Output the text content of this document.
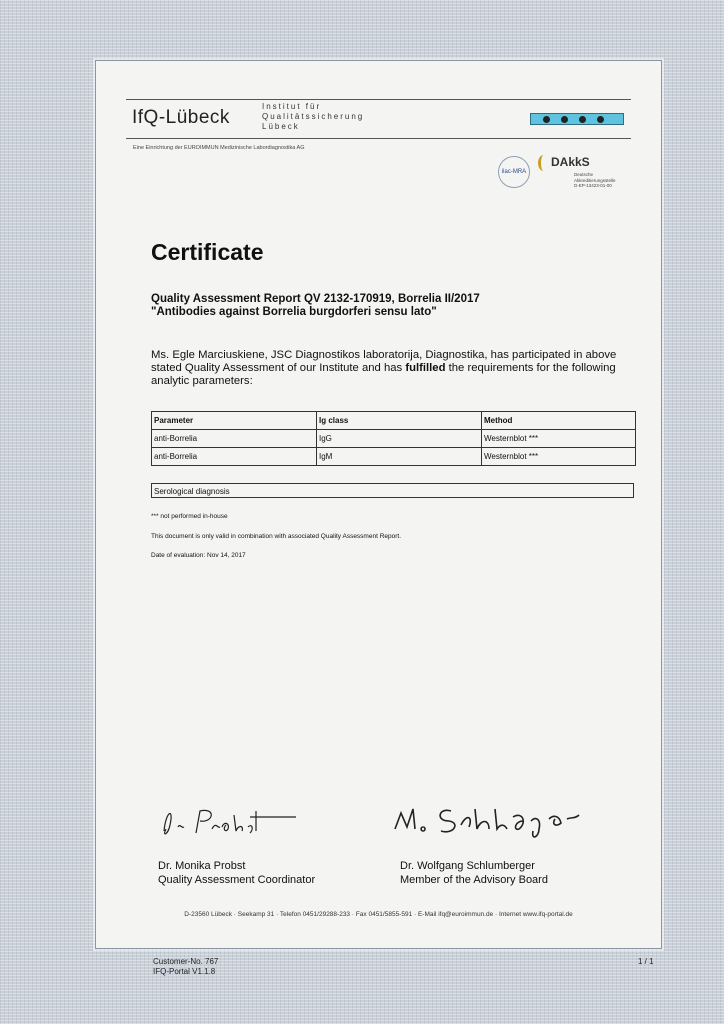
IfQ-Lübeck
Institut für
Qualitätssicherung
Lübeck
Eine Einrichtung der EUROIMMUN Medizinische Labordiagnostika AG
ilac-MRA
DAkkS
Deutsche
Akkreditierungsstelle
D-EP-13423-01-00
Certificate
Quality Assessment Report QV 2132-170919, Borrelia II/2017
"Antibodies against Borrelia burgdorferi sensu lato"
Ms. Egle Marciuskiene, JSC Diagnostikos laboratorija, Diagnostika, has participated in above stated Quality Assessment of our Institute and has fulfilled the requirements for the following analytic parameters:
Parameter	Ig class	Method
anti-Borrelia	IgG	Westernblot ***
anti-Borrelia	IgM	Westernblot ***
Serological diagnosis
*** not performed in-house
This document is only valid in combination with associated Quality Assessment Report.
Date of evaluation: Nov 14, 2017
Dr. Monika Probst
Quality Assessment Coordinator
Dr. Wolfgang Schlumberger
Member of the Advisory Board
D-23560 Lübeck · Seekamp 31 · Telefon 0451/29288-233 · Fax 0451/5855-591 · E-Mail ifq@euroimmun.de · Internet www.ifq-portal.de
Customer-No. 767
IFQ-Portal V1.1.8
1 / 1
